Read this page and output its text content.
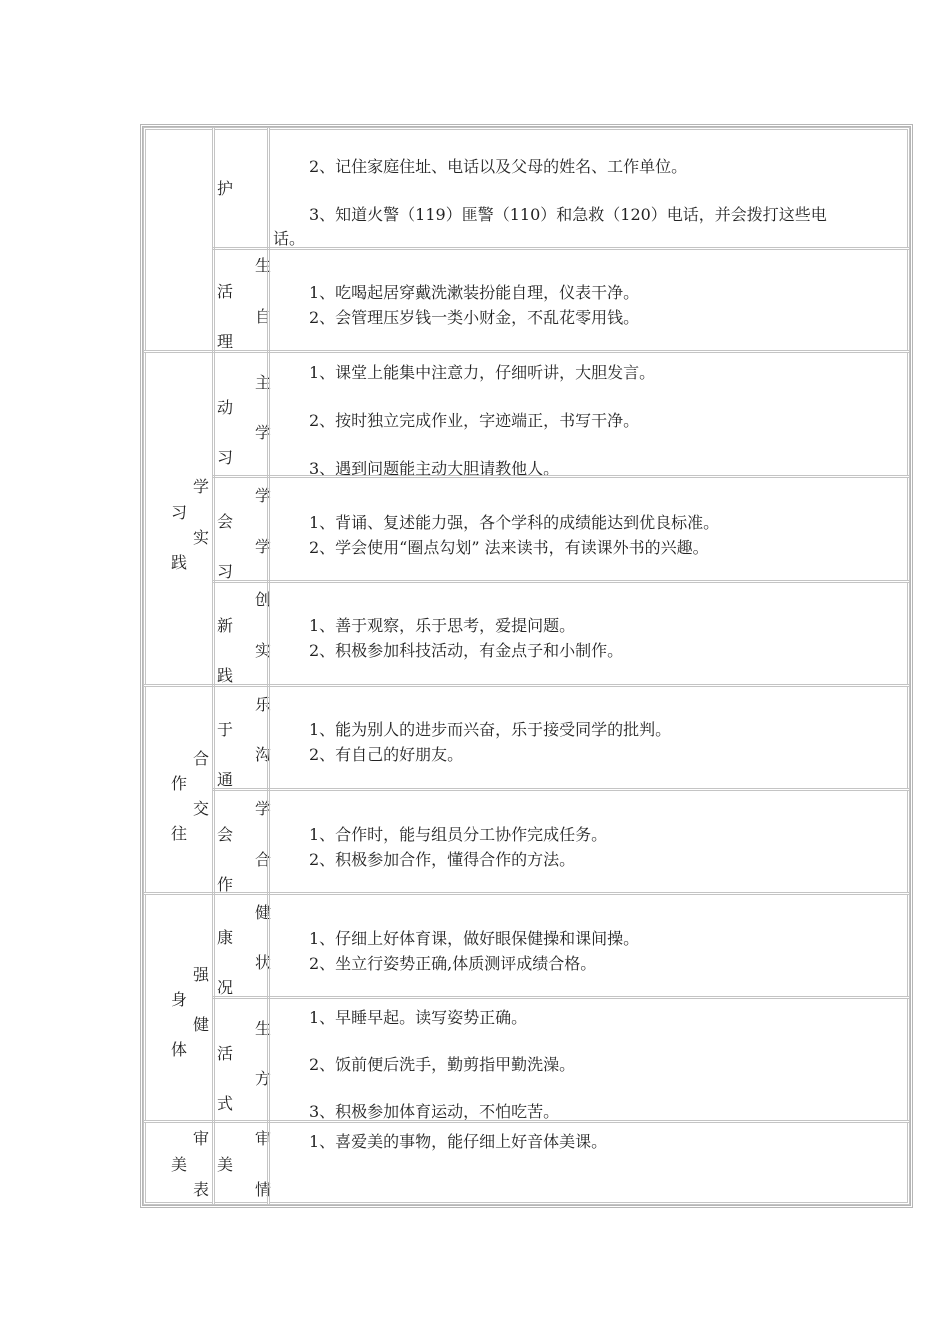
护
2、记住家庭住址、电话以及父母的姓名、工作单位。
3、知道火警（119）匪警（110）和急救（120）电话，并会拨打这些电
话。
生
活
自
理
1、吃喝起居穿戴洗漱装扮能自理，仪表干净。
2、会管理压岁钱一类小财金，不乱花零用钱。
学
习
实
践
主
动
学
习
1、课堂上能集中注意力，仔细听讲，大胆发言。
2、按时独立完成作业，字迹端正，书写干净。
3、遇到问题能主动大胆请教他人。
学
会
学
习
1、背诵、复述能力强，各个学科的成绩能达到优良标准。
2、学会使用“圈点勾划” 法来读书，有读课外书的兴趣。
创
新
实
践
1、善于观察，乐于思考，爱提问题。
2、积极参加科技活动，有金点子和小制作。
合
作
交
往
乐
于
沟
通
1、能为别人的进步而兴奋，乐于接受同学的批判。
2、有自己的好朋友。
学
会
合
作
1、合作时，能与组员分工协作完成任务。
2、积极参加合作，懂得合作的方法。
强
身
健
体
健
康
状
况
1、仔细上好体育课，做好眼保健操和课间操。
2、坐立行姿势正确,体质测评成绩合格。
生
活
方
式
1、早睡早起。读写姿势正确。
2、饭前便后洗手，勤剪指甲勤洗澡。
3、积极参加体育运动，不怕吃苦。
审
美
表
审
美
情
1、喜爱美的事物，能仔细上好音体美课。
